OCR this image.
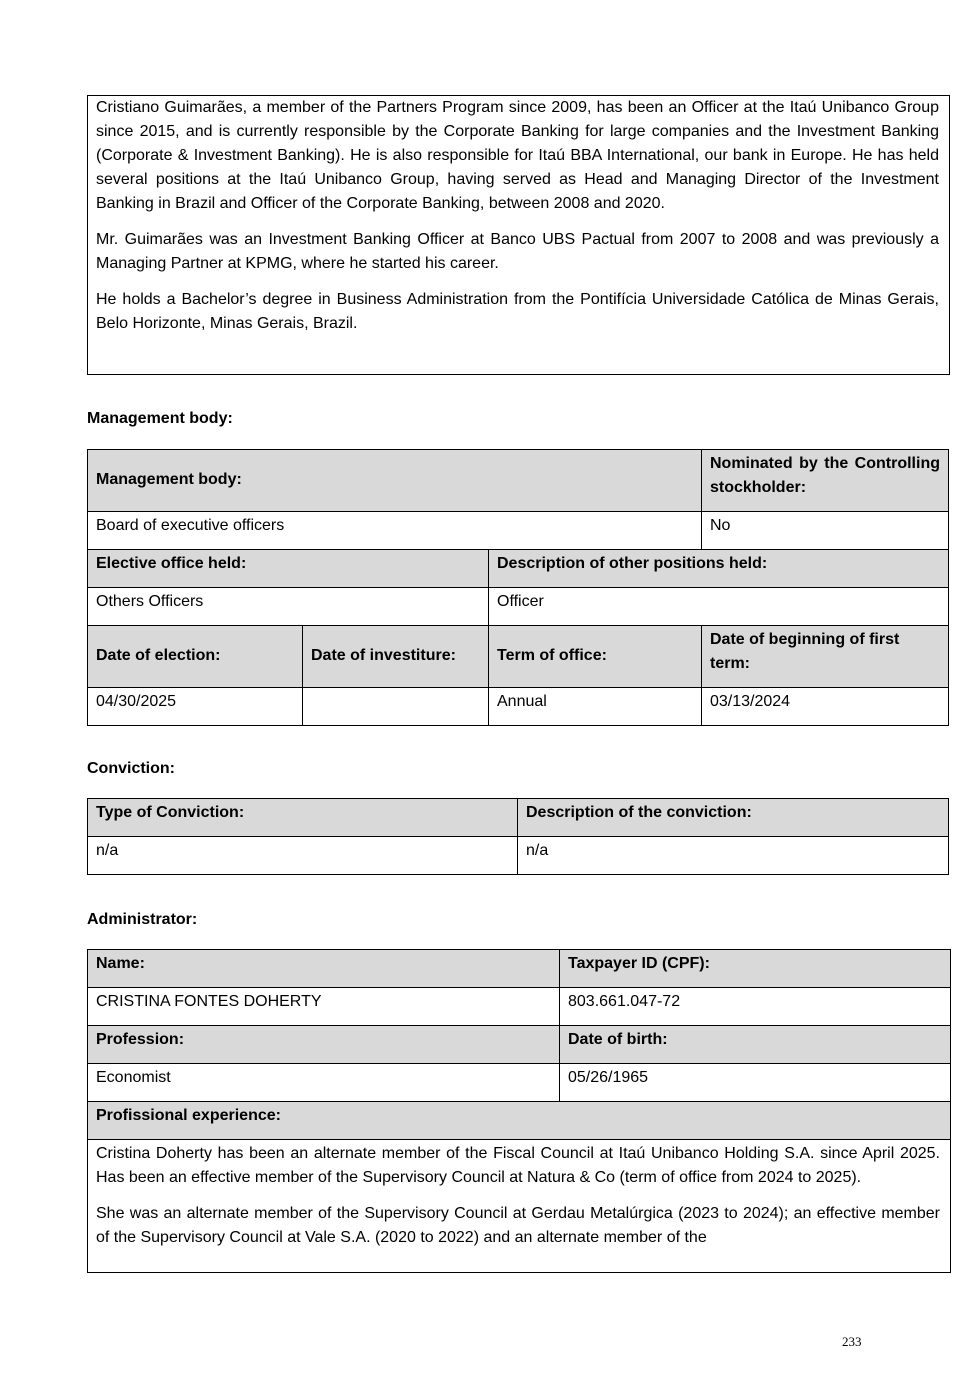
Cristiano Guimarães, a member of the Partners Program since 2009, has been an Officer at the Itaú Unibanco Group since 2015, and is currently responsible by the Corporate Banking for large companies and the Investment Banking (Corporate & Investment Banking). He is also responsible for Itaú BBA International, our bank in Europe. He has held several positions at the Itaú Unibanco Group, having served as Head and Managing Director of the Investment Banking in Brazil and Officer of the Corporate Banking, between 2008 and 2020.

Mr. Guimarães was an Investment Banking Officer at Banco UBS Pactual from 2007 to 2008 and was previously a Managing Partner at KPMG, where he started his career.

He holds a Bachelor’s degree in Business Administration from the Pontifícia Universidade Católica de Minas Gerais, Belo Horizonte, Minas Gerais, Brazil.

Management body:
Management body:			Nominated by the Controlling stockholder:
Board of executive officers			No
Elective office held:		Description of other positions held:	
Others Officers		Officer	
Date of election:	Date of investiture:	Term of office:	Date of beginning of first term:
04/30/2025		Annual	03/13/2024
Conviction:
Type of Conviction:	Description of the conviction:
n/a	n/a
Administrator:
Name:	Taxpayer ID (CPF):
CRISTINA FONTES DOHERTY	803.661.047-72
Profession:	Date of birth:
Economist	05/26/1965
Profissional experience:	

Cristina Doherty has been an alternate member of the Fiscal Council at Itaú Unibanco Holding S.A. since April 2025. Has been an effective member of the Supervisory Council at Natura & Co (term of office from 2024 to 2025).

She was an alternate member of the Supervisory Council at Gerdau Metalúrgica (2023 to 2024); an effective member of the Supervisory Council at Vale S.A. (2020 to 2022) and an alternate member of the	

233
